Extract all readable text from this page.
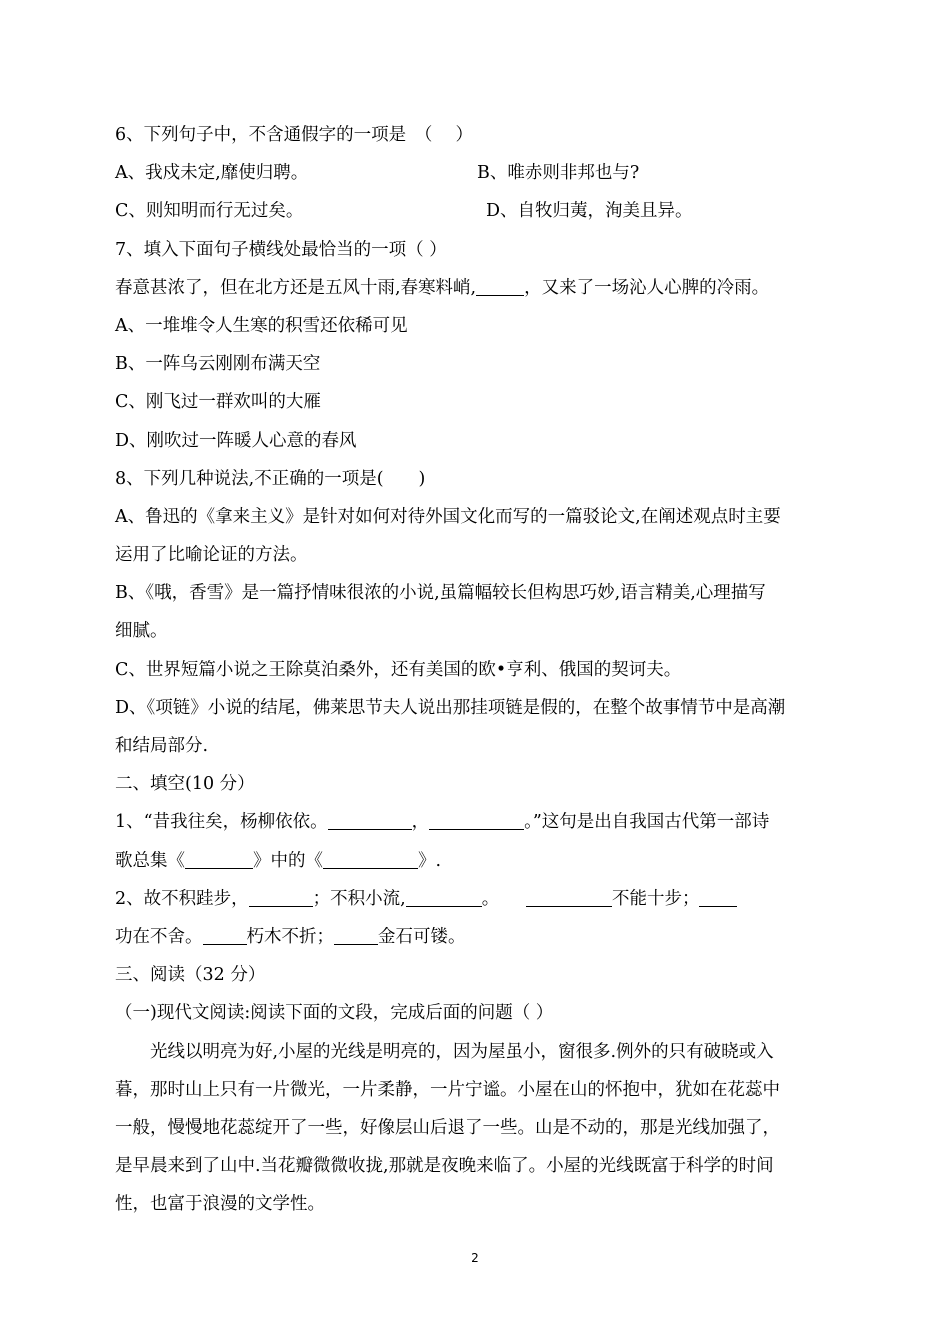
6、下列句子中，不含通假字的一项是　（　 ）
A、我戍未定,靡使归聘。	B、唯赤则非邦也与?
C、则知明而行无过矣。	D、自牧归荑，洵美且异。
7、填入下面句子横线处最恰当的一项（ ）
春意甚浓了，但在北方还是五风十雨,春寒料峭,	，又来了一场沁人心脾的冷雨。
A、一堆堆令人生寒的积雪还依稀可见
B、一阵乌云刚刚布满天空
C、刚飞过一群欢叫的大雁
D、刚吹过一阵暖人心意的春风
8、下列几种说法,不正确的一项是(　　)
A、鲁迅的《拿来主义》是针对如何对待外国文化而写的一篇驳论文,在阐述观点时主要
运用了比喻论证的方法。
B、《哦，香雪》是一篇抒情味很浓的小说,虽篇幅较长但构思巧妙,语言精美,心理描写
细腻。
C、世界短篇小说之王除莫泊桑外，还有美国的欧•亨利、俄国的契诃夫。
D、《项链》小说的结尾，佛莱思节夫人说出那挂项链是假的，在整个故事情节中是高潮
和结局部分.
二、填空(10 分）
1、“昔我往矣，杨柳依依。	，	。”这句是出自我国古代第一部诗
歌总集《	》中的《	》.
2、故不积跬步，	；不积小流,	。　	不能十步；
功在不舍。	朽木不折；	金石可镂。
三、阅读（32 分）
（一)现代文阅读:阅读下面的文段，完成后面的问题（ ）
光线以明亮为好,小屋的光线是明亮的，因为屋虽小，窗很多.例外的只有破晓或入
暮，那时山上只有一片微光，一片柔静，一片宁谧。小屋在山的怀抱中，犹如在花蕊中
一般，慢慢地花蕊绽开了一些，好像层山后退了一些。山是不动的，那是光线加强了，
是早晨来到了山中.当花瓣微微收拢,那就是夜晚来临了。小屋的光线既富于科学的时间
性，也富于浪漫的文学性。
2
